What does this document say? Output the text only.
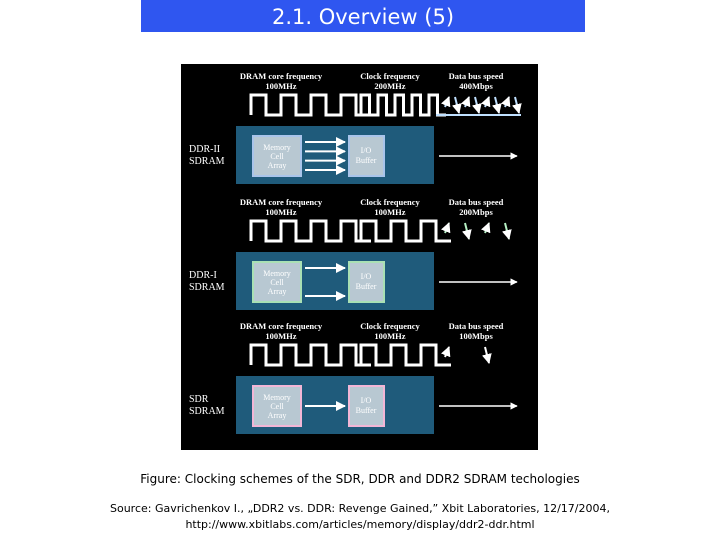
2.1. Overview (5)
DRAM core frequency
100MHz
Clock frequency
200MHz
Data bus speed
400Mbps
DDR-II
SDRAM
Memory
Cell
Array
I/O
Buffer
DRAM core frequency
100MHz
Clock frequency
100MHz
Data bus speed
200Mbps
DDR-I
SDRAM
Memory
Cell
Array
I/O
Buffer
DRAM core frequency
100MHz
Clock frequency
100MHz
Data bus speed
100Mbps
SDR
SDRAM
Memory
Cell
Array
I/O
Buffer
Figure: Clocking schemes of the SDR, DDR and DDR2 SDRAM techologies
Source: Gavrichenkov I., „DDR2 vs. DDR: Revenge Gained,” Xbit Laboratories, 12/17/2004,
http://www.xbitlabs.com/articles/memory/display/ddr2-ddr.html
